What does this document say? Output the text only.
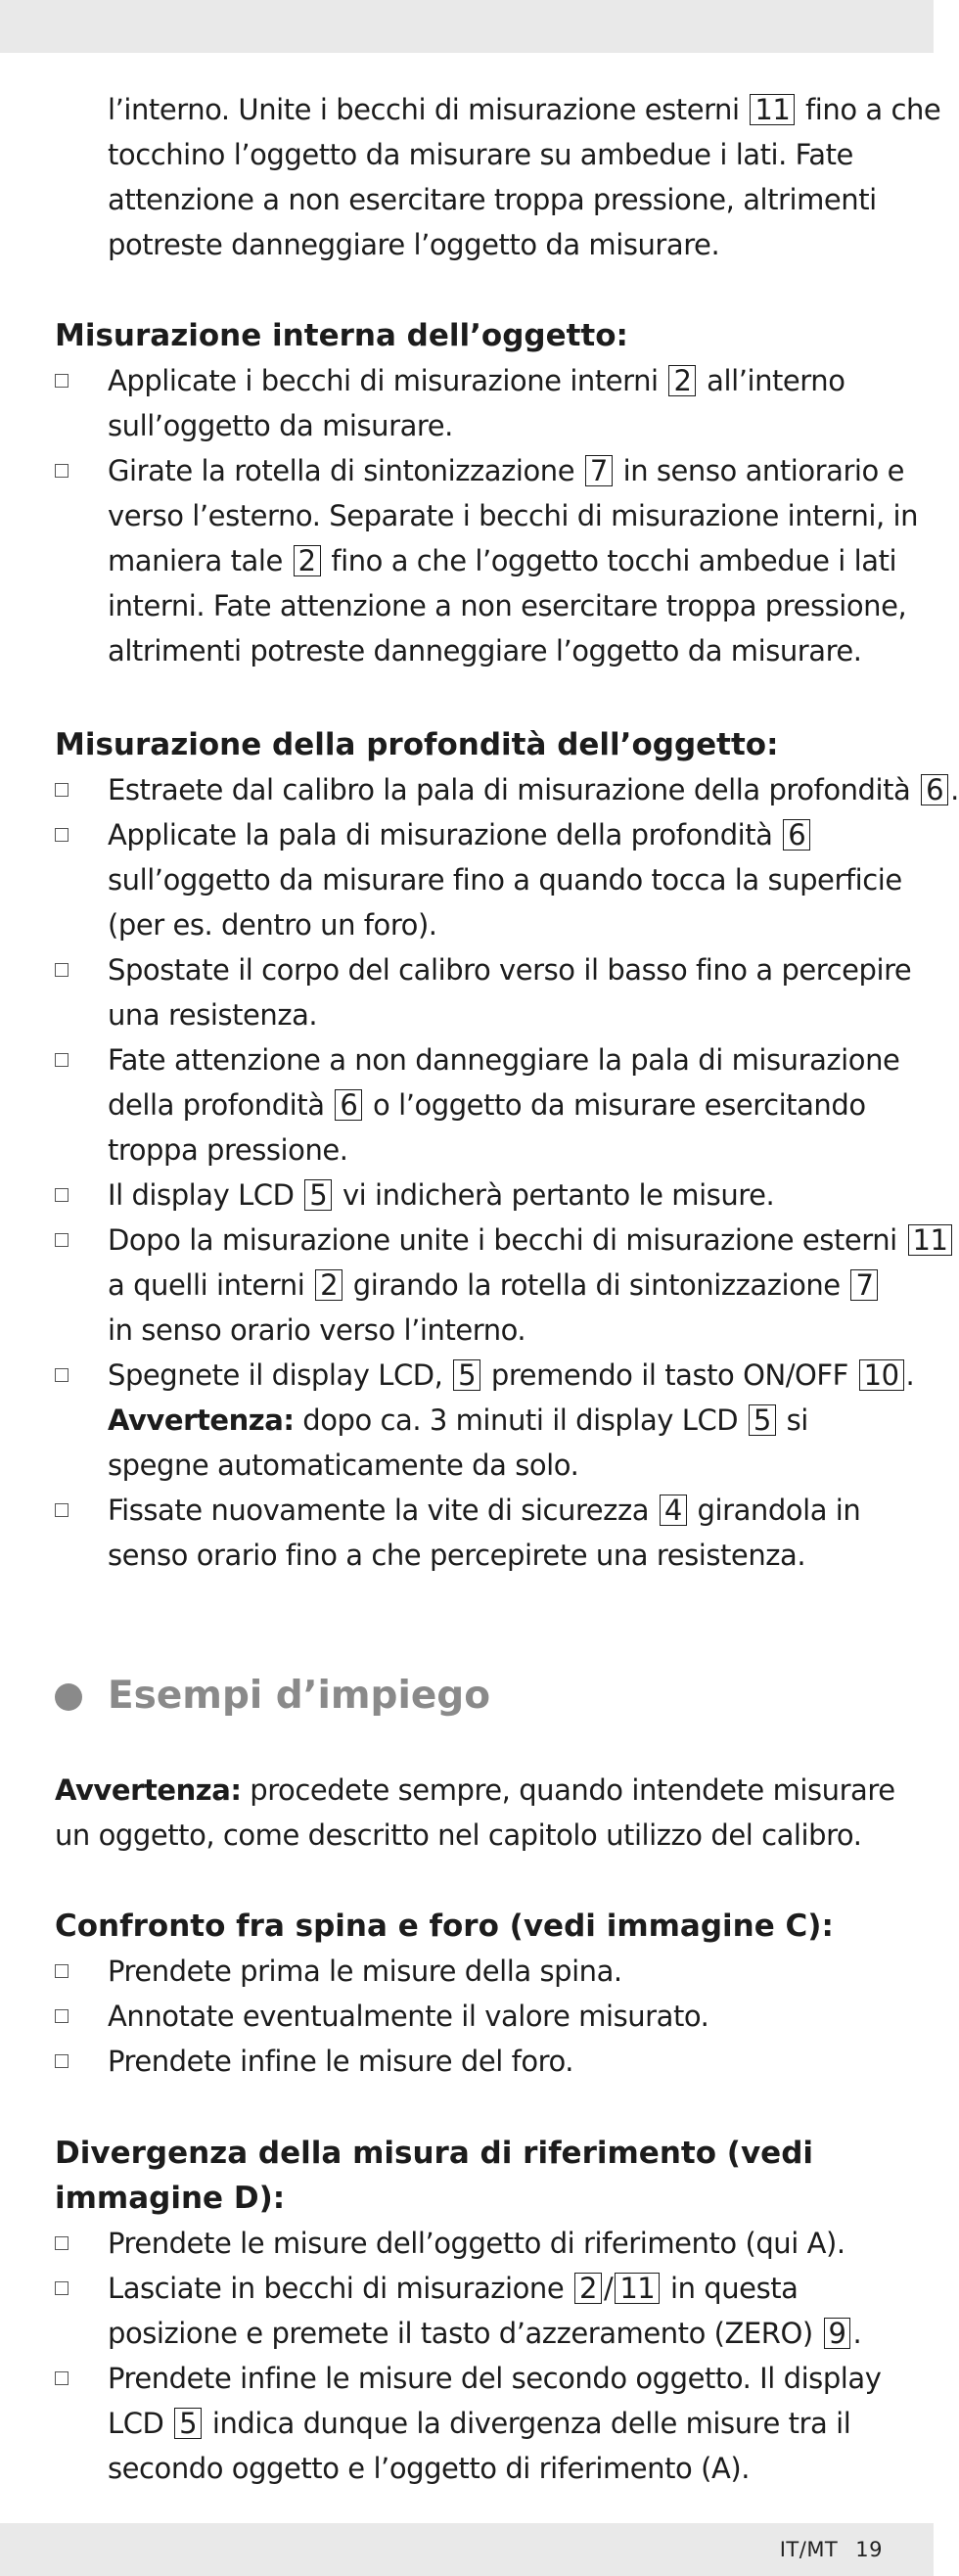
l’interno. Unite i becchi di misurazione esterni 11 fino a che
tocchino l’oggetto da misurare su ambedue i lati. Fate
attenzione a non esercitare troppa pressione, altrimenti
potreste danneggiare l’oggetto da misurare.
Misurazione interna dell’oggetto:
Applicate i becchi di misurazione interni 2 all’interno
sull’oggetto da misurare.
Girate la rotella di sintonizzazione 7 in senso antiorario e
verso l’esterno. Separate i becchi di misurazione interni, in
maniera tale 2 fino a che l’oggetto tocchi ambedue i lati
interni. Fate attenzione a non esercitare troppa pressione,
altrimenti potreste danneggiare l’oggetto da misurare.
Misurazione della profondità dell’oggetto:
Estraete dal calibro la pala di misurazione della profondità 6 .
Applicate la pala di misurazione della profondità 6
sull’oggetto da misurare fino a quando tocca la superficie
(per es. dentro un foro).
Spostate il corpo del calibro verso il basso fino a percepire
una resistenza.
Fate attenzione a non danneggiare la pala di misurazione
della profondità 6 o l’oggetto da misurare esercitando
troppa pressione.
Il display LCD 5 vi indicherà pertanto le misure.
Dopo la misurazione unite i becchi di misurazione esterni 11
a quelli interni 2 girando la rotella di sintonizzazione 7
in senso orario verso l’interno.
Spegnete il display LCD, 5 premendo il tasto ON/OFF 10 .
Avvertenza: dopo ca. 3 minuti il display LCD 5 si
spegne automaticamente da solo.
Fissate nuovamente la vite di sicurezza 4 girandola in
senso orario fino a che percepirete una resistenza.
Esempi d’impiego
Avvertenza: procedete sempre, quando intendete misurare
un oggetto, come descritto nel capitolo utilizzo del calibro.
Confronto fra spina e foro (vedi immagine C):
Prendete prima le misure della spina.
Annotate eventualmente il valore misurato.
Prendete infine le misure del foro.
Divergenza della misura di riferimento (vedi
immagine D):
Prendete le misure dell’oggetto di riferimento (qui A).
Lasciate in becchi di misurazione 2 / 11 in questa
posizione e premete il tasto d’azzeramento (ZERO) 9 .
Prendete infine le misure del secondo oggetto. Il display
LCD 5 indica dunque la divergenza delle misure tra il
secondo oggetto e l’oggetto di riferimento (A).
IT/MT 19
